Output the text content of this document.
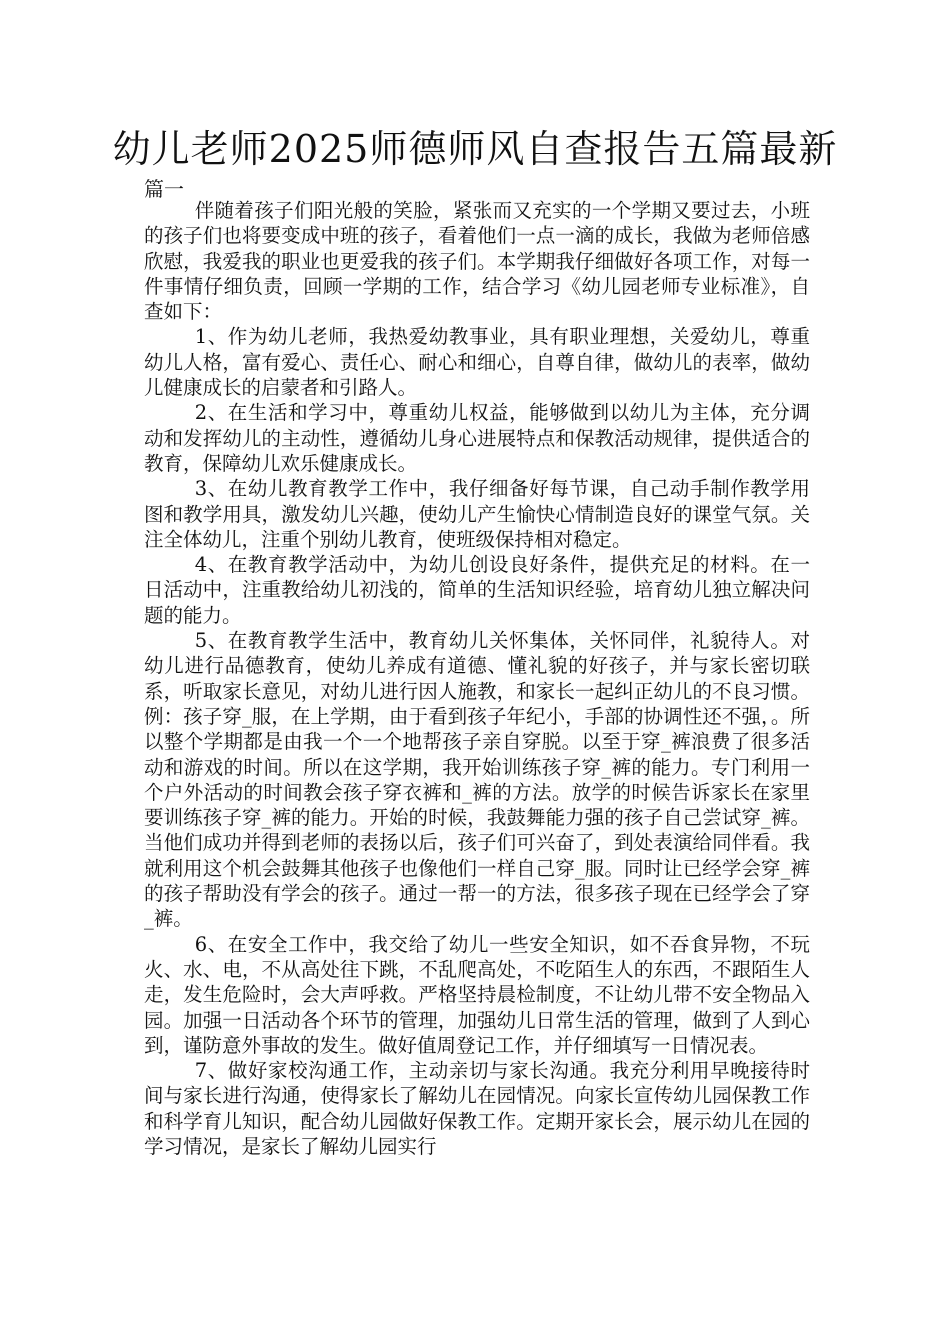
幼儿老师2025师德师风自查报告五篇最新
篇一

伴随着孩子们阳光般的笑脸，紧张而又充实的一个学期又要过去，小班的孩子们也将要变成中班的孩子，看着他们一点一滴的成长，我做为老师倍感欣慰，我爱我的职业也更爱我的孩子们。本学期我仔细做好各项工作，对每一件事情仔细负责，回顾一学期的工作，结合学习《幼儿园老师专业标准》，自查如下：

1、作为幼儿老师，我热爱幼教事业，具有职业理想，关爱幼儿，尊重幼儿人格，富有爱心、责任心、耐心和细心，自尊自律，做幼儿的表率，做幼儿健康成长的启蒙者和引路人。

2、在生活和学习中，尊重幼儿权益，能够做到以幼儿为主体，充分调动和发挥幼儿的主动性，遵循幼儿身心进展特点和保教活动规律，提供适合的教育，保障幼儿欢乐健康成长。

3、在幼儿教育教学工作中，我仔细备好每节课，自己动手制作教学用图和教学用具，激发幼儿兴趣，使幼儿产生愉快心情制造良好的课堂气氛。关注全体幼儿，注重个别幼儿教育，使班级保持相对稳定。

4、在教育教学活动中，为幼儿创设良好条件，提供充足的材料。在一日活动中，注重教给幼儿初浅的，简单的生活知识经验，培育幼儿独立解决问题的能力。

5、在教育教学生活中，教育幼儿关怀集体，关怀同伴，礼貌待人。对幼儿进行品德教育，使幼儿养成有道德、懂礼貌的好孩子，并与家长密切联系，听取家长意见，对幼儿进行因人施教，和家长一起纠正幼儿的不良习惯。例：孩子穿_服，在上学期，由于看到孩子年纪小，手部的协调性还不强，。所以整个学期都是由我一个一个地帮孩子亲自穿脱。以至于穿_裤浪费了很多活动和游戏的时间。所以在这学期，我开始训练孩子穿_裤的能力。专门利用一个户外活动的时间教会孩子穿衣裤和_裤的方法。放学的时候告诉家长在家里要训练孩子穿_裤的能力。开始的时候，我鼓舞能力强的孩子自己尝试穿_裤。当他们成功并得到老师的表扬以后，孩子们可兴奋了，到处表演给同伴看。我就利用这个机会鼓舞其他孩子也像他们一样自己穿_服。同时让已经学会穿_裤的孩子帮助没有学会的孩子。通过一帮一的方法，很多孩子现在已经学会了穿_裤。

6、在安全工作中，我交给了幼儿一些安全知识，如不吞食异物，不玩火、水、电，不从高处往下跳，不乱爬高处，不吃陌生人的东西，不跟陌生人走，发生危险时，会大声呼救。严格坚持晨检制度，不让幼儿带不安全物品入园。加强一日活动各个环节的管理，加强幼儿日常生活的管理，做到了人到心到，谨防意外事故的发生。做好值周登记工作，并仔细填写一日情况表。

7、做好家校沟通工作，主动亲切与家长沟通。我充分利用早晚接待时间与家长进行沟通，使得家长了解幼儿在园情况。向家长宣传幼儿园保教工作和科学育儿知识，配合幼儿园做好保教工作。定期开家长会，展示幼儿在园的学习情况，是家长了解幼儿园实行
